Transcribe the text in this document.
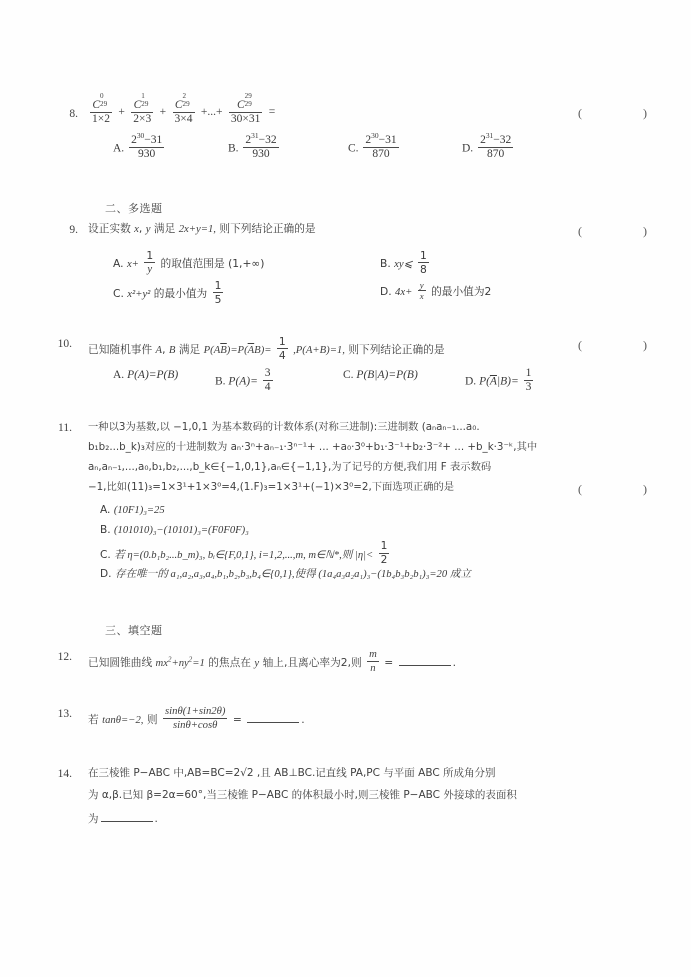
8. C
0
29
1×2 + C
1
29
2×3 + C
2
29
3×4 +...+ C
29
29
30×31 =	(   )
A. $\frac{2^{30}-31}{930}$	B. $\frac{2^{31}-32}{930}$	C. $\frac{2^{30}-31}{870}$	D. $\frac{2^{31}-32}{870}$
二、多选题
9. 设正实数 x, y 满足 2x+y=1, 则下列结论正确的是	(   )
A. $x+ \frac{1}{y}$ 的取值范围是 (1,+∞)	B. xy⩽ $\frac{1}{8}$
C. x²+y² 的最小值为 $\frac{1}{5}$	D. $4x+ \frac{y}{x}$ 的最小值为2
10. 已知随机事件 A, B 满足 $P(A\overline{B})=P(\overline{A}B)= \frac{1}{4} ,P(A+B)=1$, 则下列结论正确的是	(   )
A. P(A)=P(B)
B. $P(A)= \frac{3}{4}$	C. P(B|A)=P(B)
D. $P(\overline{A}|B)= \frac{1}{3}$
11. 一种以3为基数,以 −1,0,1 为基本数码的计数体系(对称三进制):三进制数 (aₙaₙ₋₁...a₀.
b₁b₂...b_k)₃对应的十进制数为 aₙ·3ⁿ+aₙ₋₁·3ⁿ⁻¹+ ... +a₀·3⁰+b₁·3⁻¹+b₂·3⁻²+ ... +b_k·3⁻ᵏ,其中
aₙ,aₙ₋₁,...,a₀,b₁,b₂,...,b_k∈{−1,0,1},aₙ∈{−1,1},为了记号的方便,我们用 F 表示数码
−1,比如(11)₃=1×3¹+1×3⁰=4,(1.F)₃=1×3¹+(−1)×3⁰=2,下面选项正确的是	(   )
A. (10F1)₃=25
B. (101010)₃−(10101)₃=(F0F0F)₃
C. 若 η=(0.b₁b₂...b_m)₃, bᵢ∈{F,0,1}, i=1,2,...,m, m∈ℕ*,则 $|\eta|< \frac{1}{2}$
D. 存在唯一的 a₁,a₂,a₃,a₄,b₁,b₂,b₃,b₄∈{0,1},使得 (1a₄a₃a₂a₁)₃−(1b₄b₃b₂b₁)₃=20 成立
三、填空题
12. 已知圆锥曲线 $mx^2+ny^2=1$ 的焦点在 y 轴上,且离心率为2,则 $\frac{m}{n}$ =	.
13. 若 tanθ=−2, 则 $\frac{\sin\theta(1+\sin 2\theta)}{\sin\theta+\cos\theta}$ =	.
14. 在三棱锥 P−ABC 中,AB=BC=2√2 ,且 AB⊥BC.记直线 PA,PC 与平面 ABC 所成角分别
为 α,β.已知 β=2α=60°,当三棱锥 P−ABC 的体积最小时,则三棱锥 P−ABC 外接球的表面积
为	.
